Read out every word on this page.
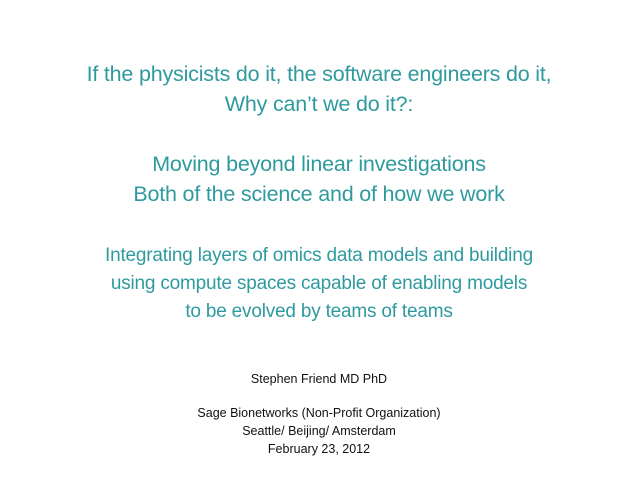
If the physicists do it, the software engineers do it,
Why can’t we do it?:
Moving beyond linear investigations
Both of the science and of how we work
Integrating layers of omics data models and building
using compute spaces capable of enabling models
to be evolved by teams of teams
Stephen Friend MD PhD
Sage Bionetworks (Non-Profit Organization)
Seattle/ Beijing/ Amsterdam
February 23, 2012
